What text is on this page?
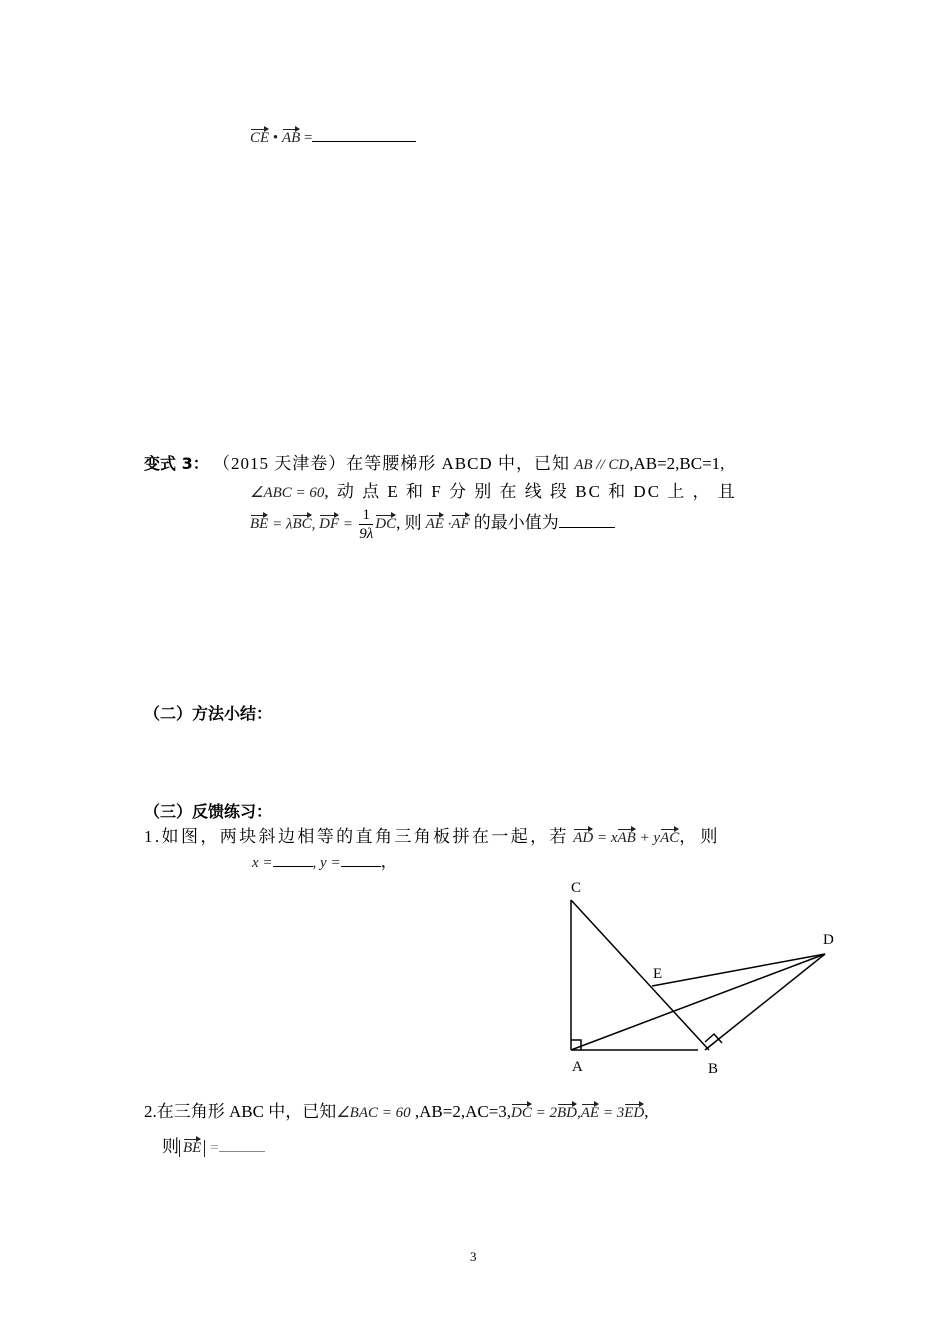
CE • AB =
变式 3： （2015 天津卷）在等腰梯形 ABCD 中，已知 AB // CD,AB=2,BC=1,
∠ABC = 60, 动 点 E 和 F 分 别 在 线 段 BC 和 DC 上 ， 且
BE = λBC, DF = $\frac{1}{9\lambda}$ DC, 则 AE ·AF 的最小值为
（二）方法小结：
（三）反馈练习：
1.如图，两块斜边相等的直角三角板拼在一起，若 AD = xAB + yAC， 则
x =	, y = ，
C
D
E
A	B
2.在三角形 ABC 中，已知∠BAC = 60 ,AB=2,AC=3,DC = 2BD,AE = 3ED,
则 BE =
3
